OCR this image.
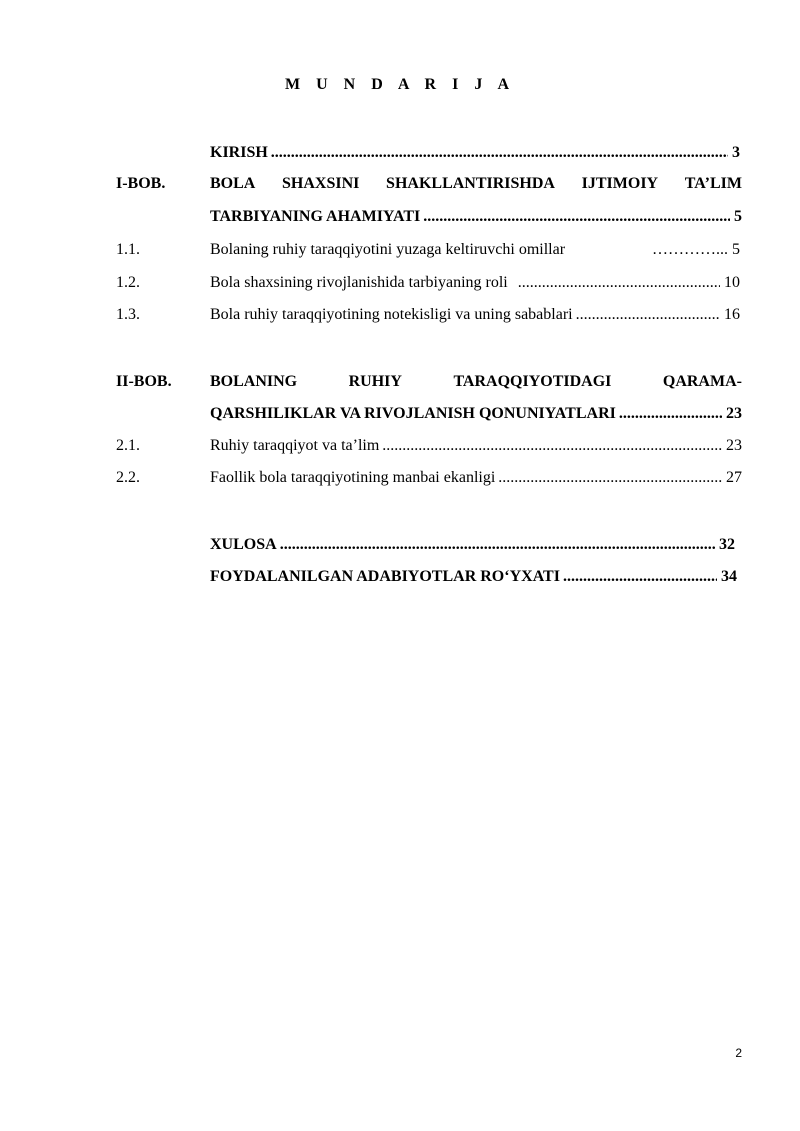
M U N D A R I J A
KIRISH .....	3
I-BOB.	BOLA SHAXSINI SHAKLLANTIRISHDA IJTIMOIY TA’LIM
TARBIYANING AHAMIYATI .....	5
1.1.	Bolaning ruhiy taraqqiyotini yuzaga keltiruvchi omillar	…………... 5
1.2.	Bola shaxsining rivojlanishida tarbiyaning roli .....	10
1.3.	Bola ruhiy taraqqiyotining notekisligi va uning sabablari .....	16
II-BOB. BOLANING	RUHIY	TARAQQIYOTIDAGI	QARAMA-
QARSHILIKLAR VA RIVOJLANISH QONUNIYATLARI .....	23
2.1.	Ruhiy taraqqiyot va ta’lim .....	23
2.2.	Faollik bola taraqqiyotining manbai ekanligi .....	27
XULOSA .....	32
FOYDALANILGAN ADABIYOTLAR RO‘YXATI .....	34
2
